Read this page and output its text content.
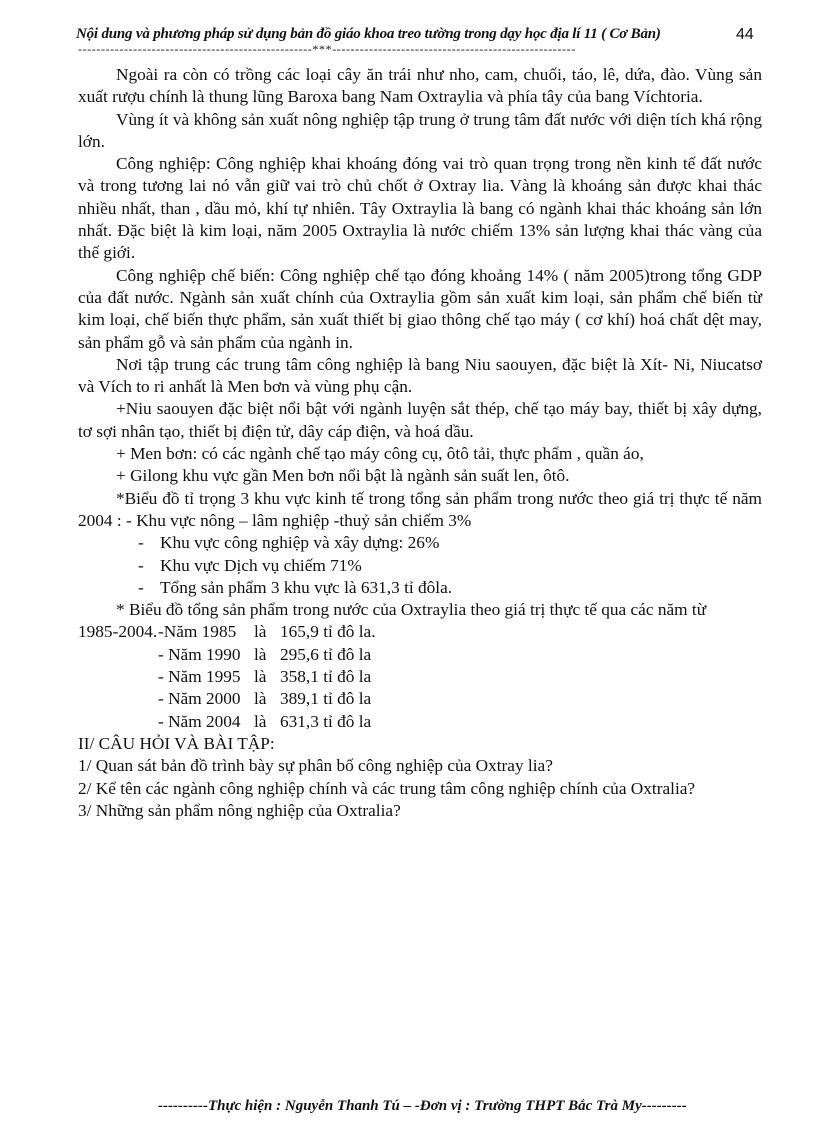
Nội dung và phương pháp sử dụng bản đồ giáo khoa treo tường trong dạy học địa lí 11 ( Cơ Bản)	44
---------------------------------------------------***-----------------------------------------------------

Ngoài ra còn có trồng các loại cây ăn trái như nho, cam, chuối, táo, lê, dứa, đào. Vùng sản xuất rượu chính là thung lũng Baroxa bang Nam Oxtraylia và phía tây của bang Víchtoria.

Vùng ít và không sản xuất nông nghiệp tập trung ở trung tâm đất nước với diện tích khá rộng lớn.

Công nghiệp: Công nghiệp khai khoáng đóng vai trò quan trọng trong nền kinh tế đất nước và trong tương lai nó vẫn giữ vai trò chủ chốt ở Oxtray lia. Vàng là khoáng sản được khai thác nhiều nhất, than , dầu mỏ, khí tự nhiên. Tây Oxtraylia là bang có ngành khai thác khoáng sản lớn nhất. Đặc biệt là kim loại, năm 2005 Oxtraylia là nước chiếm 13% sản lượng khai thác vàng của thế giới.

Công nghiệp chế biến: Công nghiệp chế tạo đóng khoảng 14% ( năm 2005)trong tổng GDP của đất nước. Ngành sản xuất chính của Oxtraylia gồm sản xuất kim loại, sản phẩm chế biến từ kim loại, chế biến thực phẩm, sản xuất thiết bị giao thông chế tạo máy ( cơ khí) hoá chất dệt may, sản phẩm gỗ và sản phẩm của ngành in.

Nơi tập trung các trung tâm công nghiệp là bang Niu saouyen, đặc biệt là Xít- Ni, Niucatsơ và Vích to ri anhất là Men bơn và vùng phụ cận.

+Niu saouyen đặc biệt nổi bật với ngành luyện sắt thép, chế tạo máy bay, thiết bị xây dựng, tơ sợi nhân tạo, thiết bị điện tử, dây cáp điện, và hoá dầu.

+ Men bơn: có các ngành chế tạo máy công cụ, ôtô tải, thực phẩm , quần áo,

+ Gilong khu vực gần Men bơn nổi bật là ngành sản suất len, ôtô.

*Biểu đồ tỉ trọng 3 khu vực kinh tế trong tổng sản phẩm trong nước theo giá trị thực tế năm 2004 : - Khu vực nông – lâm nghiệp -thuỷ sản chiếm 3%

- Khu vực công nghiệp và xây dựng: 26%
- Khu vực Dịch vụ chiếm 71%
- Tổng sản phẩm 3 khu vực là 631,3 tỉ đôla.

* Biểu đồ tổng sản phẩm trong nước của Oxtraylia theo giá trị thực tế qua các năm từ

1985-2004. -Năm 1985	là 165,9 tỉ đô la.
- Năm 1990 là 295,6 tỉ đô la
- Năm 1995 là 358,1 tỉ đô la
- Năm 2000 là 389,1 tỉ đô la
- Năm 2004 là 631,3 tỉ đô la

II/ CÂU HỎI VÀ BÀI TẬP:

1/ Quan sát bản đồ trình bày sự phân bố công nghiệp của Oxtray lia?

2/ Kể tên các ngành công nghiệp chính và các trung tâm công nghiệp chính của Oxtralia?

3/ Những sản phẩm nông nghiệp của Oxtralia?

----------Thực hiện : Nguyễn Thanh Tú – -Đơn vị : Trường THPT Bắc Trà My---------
